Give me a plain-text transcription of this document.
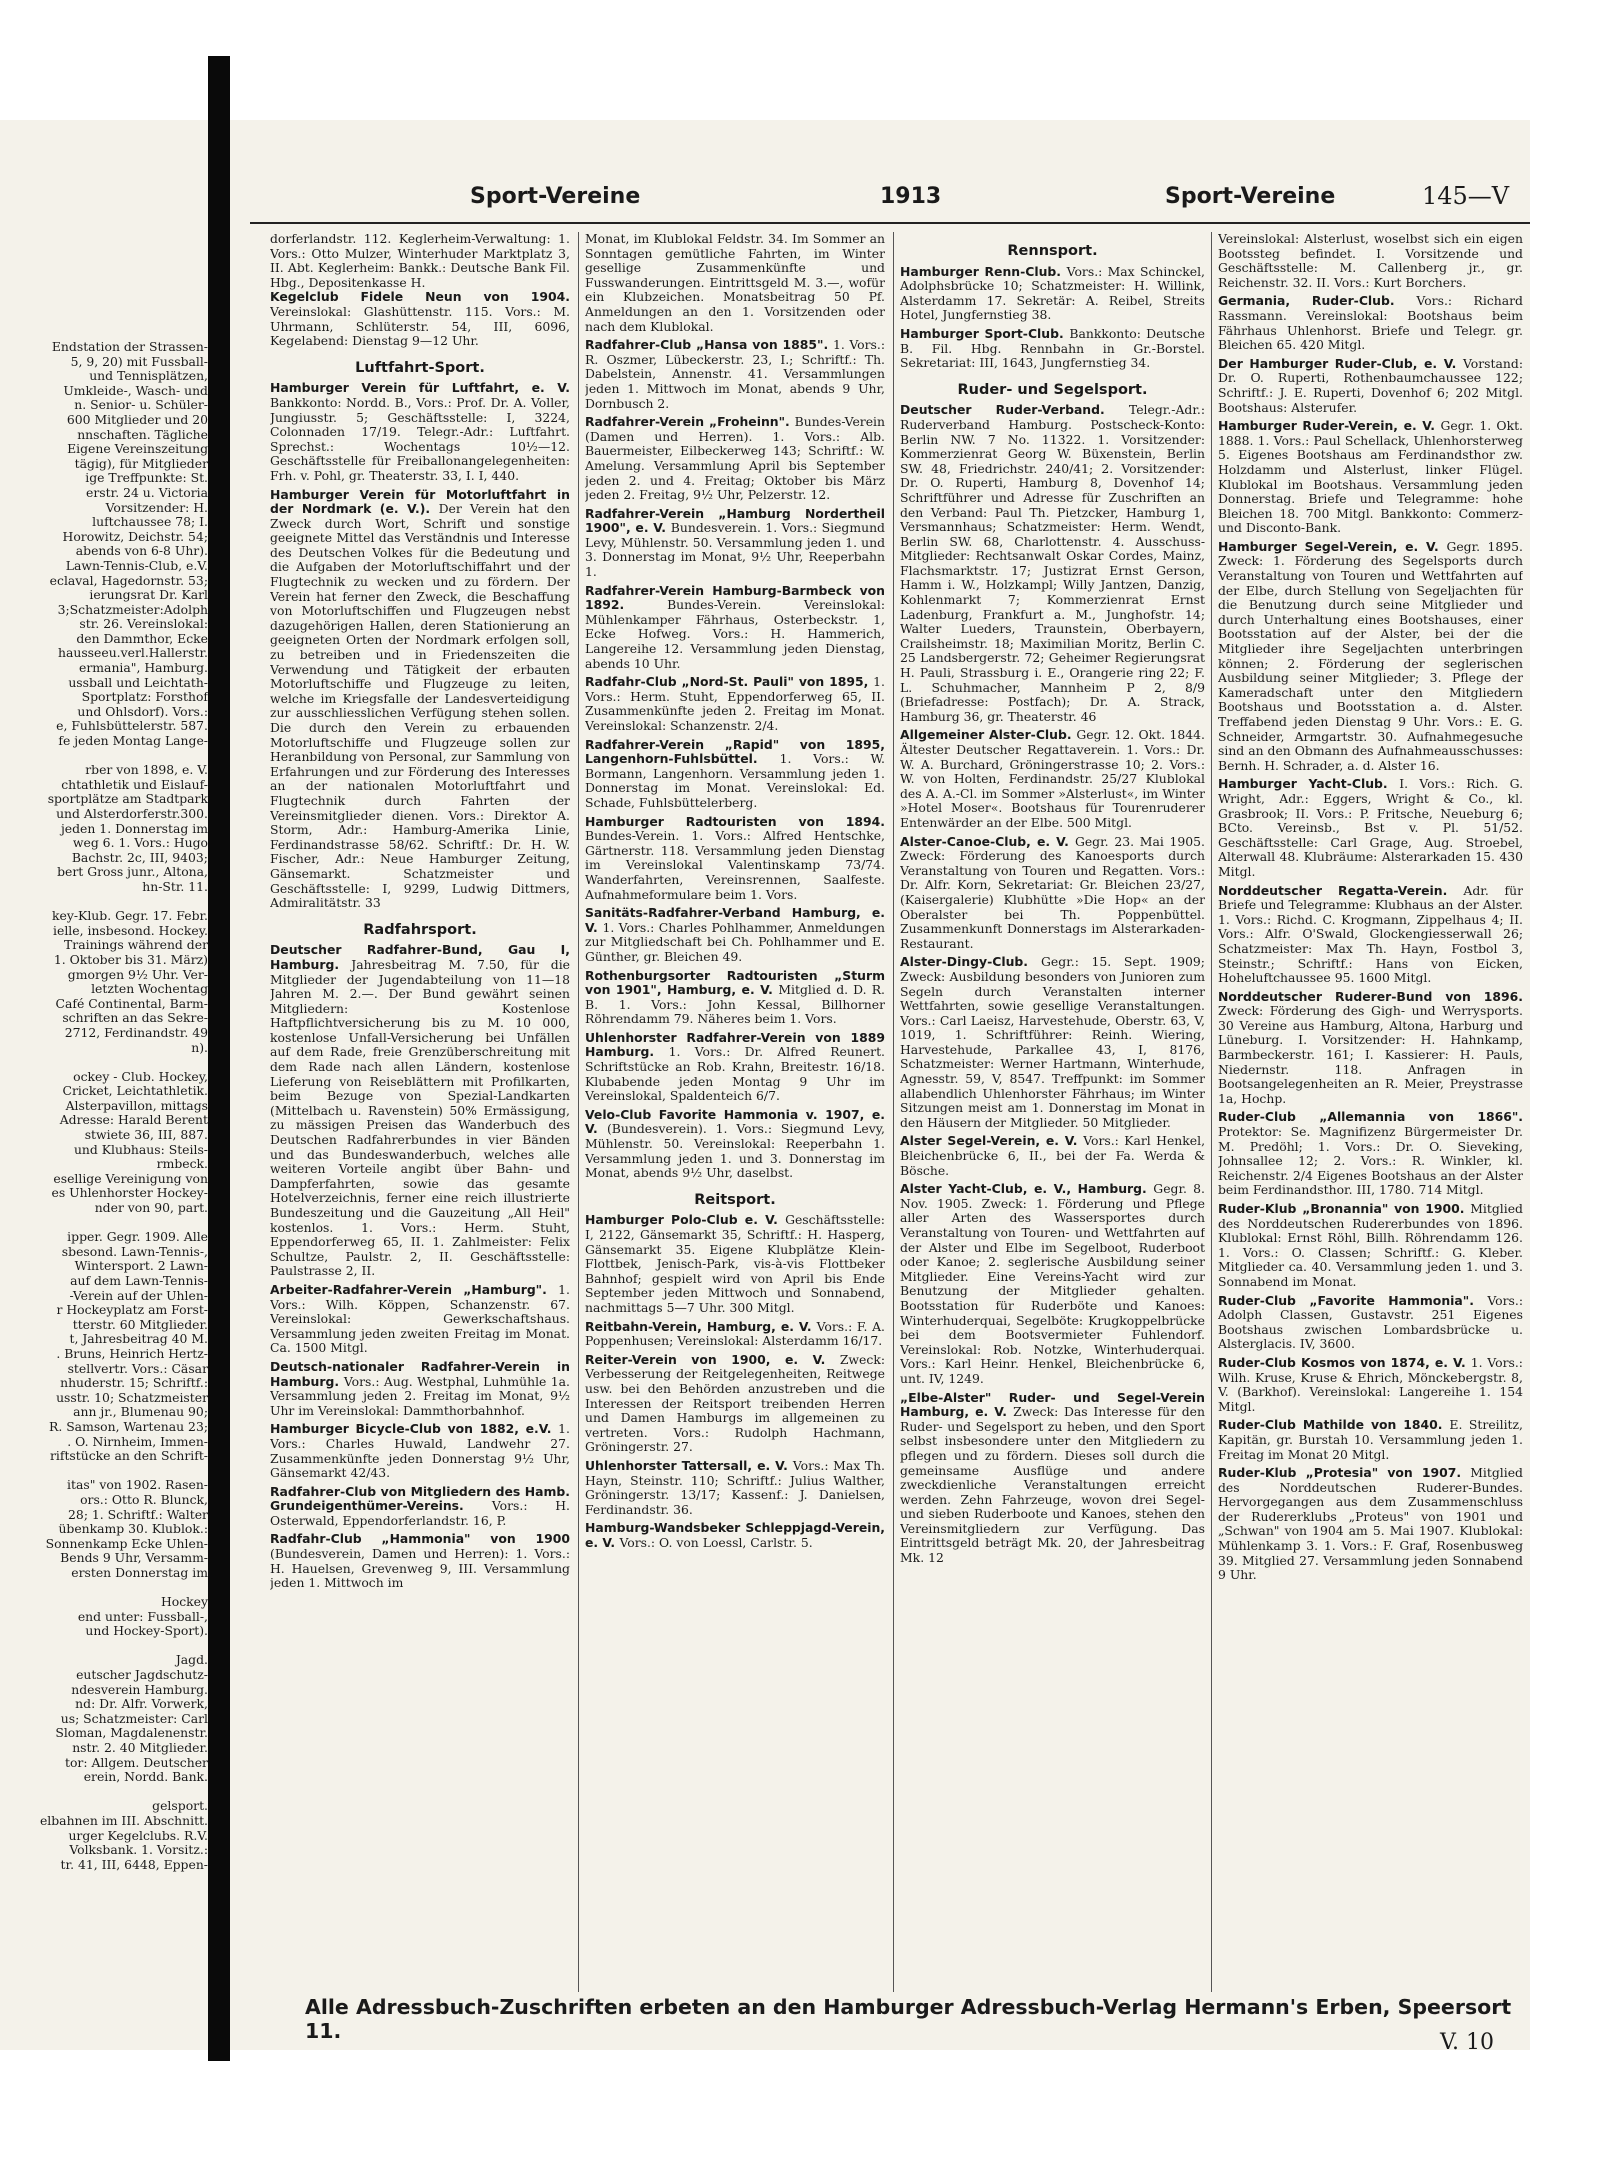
Endstation der Strassen-

5, 9, 20) mit Fussball-

und Tennisplätzen,

Umkleide-, Wasch- und

n. Senior- u. Schüler-

600 Mitglieder und 20

nnschaften. Tägliche

Eigene Vereinszeitung

tägig), für Mitglieder

ige Treffpunkte: St.

erstr. 24 u. Victoria

Vorsitzender: H.

luftchaussee 78; I.

Horowitz, Deichstr. 54;

abends von 6-8 Uhr).

Lawn-Tennis-Club, e.V.

eclaval, Hagedornstr. 53;

ierungsrat Dr. Karl

3;Schatzmeister:Adolph

str. 26. Vereinslokal:

den Dammthor, Ecke

hausseeu.verl.Hallerstr.

ermania", Hamburg.

ussball und Leichtath-

Sportplatz: Forsthof

und Ohlsdorf). Vors.:

e, Fuhlsbüttelerstr. 587.

fe jeden Montag Lange-

rber von 1898, e. V.

chtathletik und Eislauf-

sportplätze am Stadtpark

und Alsterdorferstr.300.

jeden 1. Donnerstag im

weg 6. 1. Vors.: Hugo

Bachstr. 2c, III, 9403;

bert Gross junr., Altona,

hn-Str. 11.

key-Klub. Gegr. 17. Febr.

ielle, insbesond. Hockey.

Trainings während der

1. Oktober bis 31. März)

gmorgen 9½ Uhr. Ver-

letzten Wochentag

Café Continental, Barm-

schriften an das Sekre-

2712, Ferdinandstr. 49

n).

ockey - Club. Hockey,

Cricket, Leichtathletik.

Alsterpavillon, mittags

Adresse: Harald Berent

stwiete 36, III, 887.

und Klubhaus: Steils-

rmbeck.

esellige Vereinigung von

es Uhlenhorster Hockey-

nder von 90, part.

ipper. Gegr. 1909. Alle

sbesond. Lawn-Tennis-,

Wintersport. 2 Lawn-

auf dem Lawn-Tennis-

-Verein auf der Uhlen-

r Hockeyplatz am Forst-

tterstr. 60 Mitglieder.

t, Jahresbeitrag 40 M.

. Bruns, Heinrich Hertz-

stellvertr. Vors.: Cäsar

nhuderstr. 15; Schriftf.:

usstr. 10; Schatzmeister

ann jr., Blumenau 90;

R. Samson, Wartenau 23;

. O. Nirnheim, Immen-

riftstücke an den Schrift-

itas" von 1902. Rasen-

ors.: Otto R. Blunck,

28; 1. Schriftf.: Walter

übenkamp 30. Klublok.:

Sonnenkamp Ecke Uhlen-

Bends 9 Uhr, Versamm-

ersten Donnerstag im

Hockey

end unter: Fussball-,

und Hockey-Sport).

Jagd.

eutscher Jagdschutz-

ndesverein Hamburg.

nd: Dr. Alfr. Vorwerk,

us; Schatzmeister: Carl

Sloman, Magdalenenstr.

nstr. 2. 40 Mitglieder.

tor: Allgem. Deutscher

erein, Nordd. Bank.

gelsport.

elbahnen im III. Abschnitt.

urger Kegelclubs. R.V.

Volksbank. 1. Vorsitz.:

tr. 41, III, 6448, Eppen-

Sport-Vereine	1913	Sport-Vereine	145—V

dorferlandstr. 112. Keglerheim-Verwaltung: 1. Vors.: Otto Mulzer, Winterhuder Marktplatz 3, II. Abt. Keglerheim: Bankk.: Deutsche Bank Fil. Hbg., Depositenkasse H.

Kegelclub Fidele Neun von 1904. Vereinslokal: Glashüttenstr. 115. Vors.: M. Uhrmann, Schlüterstr. 54, III, 6096, Kegelabend: Dienstag 9—12 Uhr.

Luftfahrt-Sport.

Hamburger Verein für Luftfahrt, e. V. Bankkonto: Nordd. B., Vors.: Prof. Dr. A. Voller, Jungiusstr. 5; Geschäftsstelle: I, 3224, Colonnaden 17/19. Telegr.-Adr.: Luftfahrt. Sprechst.: Wochentags 10½—12. Geschäftsstelle für Freiballonangelegenheiten: Frh. v. Pohl, gr. Theaterstr. 33, I. I, 440.

Hamburger Verein für Motorluftfahrt in der Nordmark (e. V.). Der Verein hat den Zweck durch Wort, Schrift und sonstige geeignete Mittel das Verständnis und Interesse des Deutschen Volkes für die Bedeutung und die Aufgaben der Motorluftschiffahrt und der Flugtechnik zu wecken und zu fördern. Der Verein hat ferner den Zweck, die Beschaffung von Motorluftschiffen und Flugzeugen nebst dazugehörigen Hallen, deren Stationierung an geeigneten Orten der Nordmark erfolgen soll, zu betreiben und in Friedenszeiten die Verwendung und Tätigkeit der erbauten Motorluftschiffe und Flugzeuge zu leiten, welche im Kriegsfalle der Landesverteidigung zur ausschliesslichen Verfügung stehen sollen. Die durch den Verein zu erbauenden Motorluftschiffe und Flugzeuge sollen zur Heranbildung von Personal, zur Sammlung von Erfahrungen und zur Förderung des Interesses an der nationalen Motorluftfahrt und Flugtechnik durch Fahrten der Vereinsmitglieder dienen. Vors.: Direktor A. Storm, Adr.: Hamburg-Amerika Linie, Ferdinandstrasse 58/62. Schriftf.: Dr. H. W. Fischer, Adr.: Neue Hamburger Zeitung, Gänsemarkt. Schatzmeister und Geschäftsstelle: I, 9299, Ludwig Dittmers, Admiralitätstr. 33

Radfahrsport.

Deutscher Radfahrer-Bund, Gau I, Hamburg. Jahresbeitrag M. 7.50, für die Mitglieder der Jugendabteilung von 11—18 Jahren M. 2.—. Der Bund gewährt seinen Mitgliedern: Kostenlose Haftpflichtversicherung bis zu M. 10 000, kostenlose Unfall-Versicherung bei Unfällen auf dem Rade, freie Grenzüberschreitung mit dem Rade nach allen Ländern, kostenlose Lieferung von Reiseblättern mit Profilkarten, beim Bezuge von Spezial-Landkarten (Mittelbach u. Ravenstein) 50% Ermässigung, zu mässigen Preisen das Wanderbuch des Deutschen Radfahrerbundes in vier Bänden und das Bundeswanderbuch, welches alle weiteren Vorteile angibt über Bahn- und Dampferfahrten, sowie das gesamte Hotelverzeichnis, ferner eine reich illustrierte Bundeszeitung und die Gauzeitung „All Heil" kostenlos. 1. Vors.: Herm. Stuht, Eppendorferweg 65, II. 1. Zahlmeister: Felix Schultze, Paulstr. 2, II. Geschäftsstelle: Paulstrasse 2, II.

Arbeiter-Radfahrer-Verein „Hamburg". 1. Vors.: Wilh. Köppen, Schanzenstr. 67. Vereinslokal: Gewerkschaftshaus. Versammlung jeden zweiten Freitag im Monat. Ca. 1500 Mitgl.

Deutsch-nationaler Radfahrer-Verein in Hamburg. Vors.: Aug. Westphal, Luhmühle 1a. Versammlung jeden 2. Freitag im Monat, 9½ Uhr im Vereinslokal: Dammthorbahnhof.

Hamburger Bicycle-Club von 1882, e.V. 1. Vors.: Charles Huwald, Landwehr 27. Zusammenkünfte jeden Donnerstag 9½ Uhr, Gänsemarkt 42/43.

Radfahrer-Club von Mitgliedern des Hamb. Grundeigenthümer-Vereins. Vors.: H. Osterwald, Eppendorferlandstr. 16, P.

Radfahr-Club „Hammonia" von 1900 (Bundesverein, Damen und Herren): 1. Vors.: H. Hauelsen, Grevenweg 9, III. Versammlung jeden 1. Mittwoch im

Monat, im Klublokal Feldstr. 34. Im Sommer an Sonntagen gemütliche Fahrten, im Winter gesellige Zusammenkünfte und Fusswanderungen. Eintrittsgeld M. 3.—, wofür ein Klubzeichen. Monatsbeitrag 50 Pf. Anmeldungen an den 1. Vorsitzenden oder nach dem Klublokal.

Radfahrer-Club „Hansa von 1885". 1. Vors.: R. Oszmer, Lübeckerstr. 23, I.; Schriftf.: Th. Dabelstein, Annenstr. 41. Versammlungen jeden 1. Mittwoch im Monat, abends 9 Uhr, Dornbusch 2.

Radfahrer-Verein „Froheinn". Bundes-Verein (Damen und Herren). 1. Vors.: Alb. Bauermeister, Eilbeckerweg 143; Schriftf.: W. Amelung. Versammlung April bis September jeden 2. und 4. Freitag; Oktober bis März jeden 2. Freitag, 9½ Uhr, Pelzerstr. 12.

Radfahrer-Verein „Hamburg Nordertheil 1900", e. V. Bundesverein. 1. Vors.: Siegmund Levy, Mühlenstr. 50. Versammlung jeden 1. und 3. Donnerstag im Monat, 9½ Uhr, Reeperbahn 1.

Radfahrer-Verein Hamburg-Barmbeck von 1892. Bundes-Verein. Vereinslokal: Mühlenkamper Fährhaus, Osterbeckstr. 1, Ecke Hofweg. Vors.: H. Hammerich, Langereihe 12. Versammlung jeden Dienstag, abends 10 Uhr.

Radfahr-Club „Nord-St. Pauli" von 1895, 1. Vors.: Herm. Stuht, Eppendorferweg 65, II. Zusammenkünfte jeden 2. Freitag im Monat. Vereinslokal: Schanzenstr. 2/4.

Radfahrer-Verein „Rapid" von 1895, Langenhorn-Fuhlsbüttel. 1. Vors.: W. Bormann, Langenhorn. Versammlung jeden 1. Donnerstag im Monat. Vereinslokal: Ed. Schade, Fuhlsbüttelerberg.

Hamburger Radtouristen von 1894. Bundes-Verein. 1. Vors.: Alfred Hentschke, Gärtnerstr. 118. Versammlung jeden Dienstag im Vereinslokal Valentinskamp 73/74. Wanderfahrten, Vereinsrennen, Saalfeste. Aufnahmeformulare beim 1. Vors.

Sanitäts-Radfahrer-Verband Hamburg, e. V. 1. Vors.: Charles Pohlhammer, Anmeldungen zur Mitgliedschaft bei Ch. Pohlhammer und E. Günther, gr. Bleichen 49.

Rothenburgsorter Radtouristen „Sturm von 1901", Hamburg, e. V. Mitglied d. D. R. B. 1. Vors.: John Kessal, Billhorner Röhrendamm 79. Näheres beim 1. Vors.

Uhlenhorster Radfahrer-Verein von 1889 Hamburg. 1. Vors.: Dr. Alfred Reunert. Schriftstücke an Rob. Krahn, Breitestr. 16/18. Klubabende jeden Montag 9 Uhr im Vereinslokal, Spaldenteich 6/7.

Velo-Club Favorite Hammonia v. 1907, e. V. (Bundesverein). 1. Vors.: Siegmund Levy, Mühlenstr. 50. Vereinslokal: Reeperbahn 1. Versammlung jeden 1. und 3. Donnerstag im Monat, abends 9½ Uhr, daselbst.

Reitsport.

Hamburger Polo-Club e. V. Geschäftsstelle: I, 2122, Gänsemarkt 35, Schriftf.: H. Hasperg, Gänsemarkt 35. Eigene Klubplätze Klein-Flottbek, Jenisch-Park, vis-à-vis Flottbeker Bahnhof; gespielt wird von April bis Ende September jeden Mittwoch und Sonnabend, nachmittags 5—7 Uhr. 300 Mitgl.

Reitbahn-Verein, Hamburg, e. V. Vors.: F. A. Poppenhusen; Vereinslokal: Alsterdamm 16/17.

Reiter-Verein von 1900, e. V. Zweck: Verbesserung der Reitgelegenheiten, Reitwege usw. bei den Behörden anzustreben und die Interessen der Reitsport treibenden Herren und Damen Hamburgs im allgemeinen zu vertreten. Vors.: Rudolph Hachmann, Gröningerstr. 27.

Uhlenhorster Tattersall, e. V. Vors.: Max Th. Hayn, Steinstr. 110; Schriftf.: Julius Walther, Gröningerstr. 13/17; Kassenf.: J. Danielsen, Ferdinandstr. 36.

Hamburg-Wandsbeker Schleppjagd-Verein, e. V. Vors.: O. von Loessl, Carlstr. 5.

Rennsport.

Hamburger Renn-Club. Vors.: Max Schinckel, Adolphsbrücke 10; Schatzmeister: H. Willink, Alsterdamm 17. Sekretär: A. Reibel, Streits Hotel, Jungfernstieg 38.

Hamburger Sport-Club. Bankkonto: Deutsche B. Fil. Hbg. Rennbahn in Gr.-Borstel. Sekretariat: III, 1643, Jungfernstieg 34.

Ruder- und Segelsport.

Deutscher Ruder-Verband. Telegr.-Adr.: Ruderverband Hamburg. Postscheck-Konto: Berlin NW. 7 No. 11322. 1. Vorsitzender: Kommerzienrat Georg W. Büxenstein, Berlin SW. 48, Friedrichstr. 240/41; 2. Vorsitzender: Dr. O. Ruperti, Hamburg 8, Dovenhof 14; Schriftführer und Adresse für Zuschriften an den Verband: Paul Th. Pietzcker, Hamburg 1, Versmannhaus; Schatzmeister: Herm. Wendt, Berlin SW. 68, Charlottenstr. 4. Ausschuss-Mitglieder: Rechtsanwalt Oskar Cordes, Mainz, Flachsmarktstr. 17; Justizrat Ernst Gerson, Hamm i. W., Holzkampl; Willy Jantzen, Danzig, Kohlenmarkt 7; Kommerzienrat Ernst Ladenburg, Frankfurt a. M., Junghofstr. 14; Walter Lueders, Traunstein, Oberbayern, Crailsheimstr. 18; Maximilian Moritz, Berlin C. 25 Landsbergerstr. 72; Geheimer Regierungsrat H. Pauli, Strassburg i. E., Orangerie ring 22; F. L. Schuhmacher, Mannheim P 2, 8/9 (Briefadresse: Postfach); Dr. A. Strack, Hamburg 36, gr. Theaterstr. 46

Allgemeiner Alster-Club. Gegr. 12. Okt. 1844. Ältester Deutscher Regattaverein. 1. Vors.: Dr. W. A. Burchard, Gröningerstrasse 10; 2. Vors.: W. von Holten, Ferdinandstr. 25/27 Klublokal des A. A.-Cl. im Sommer »Alsterlust«, im Winter »Hotel Moser«. Bootshaus für Tourenruderer Entenwärder an der Elbe. 500 Mitgl.

Alster-Canoe-Club, e. V. Gegr. 23. Mai 1905. Zweck: Förderung des Kanoesports durch Veranstaltung von Touren und Regatten. Vors.: Dr. Alfr. Korn, Sekretariat: Gr. Bleichen 23/27, (Kaisergalerie) Klubhütte »Die Hop« an der Oberalster bei Th. Poppenbüttel. Zusammenkunft Donnerstags im Alsterarkaden-Restaurant.

Alster-Dingy-Club. Gegr.: 15. Sept. 1909; Zweck: Ausbildung besonders von Junioren zum Segeln durch Veranstalten interner Wettfahrten, sowie gesellige Veranstaltungen. Vors.: Carl Laeisz, Harvestehude, Oberstr. 63, V, 1019, 1. Schriftführer: Reinh. Wiering, Harvestehude, Parkallee 43, I, 8176, Schatzmeister: Werner Hartmann, Winterhude, Agnesstr. 59, V, 8547. Treffpunkt: im Sommer allabendlich Uhlenhorster Fährhaus; im Winter Sitzungen meist am 1. Donnerstag im Monat in den Häusern der Mitglieder. 50 Mitglieder.

Alster Segel-Verein, e. V. Vors.: Karl Henkel, Bleichenbrücke 6, II., bei der Fa. Werda & Bösche.

Alster Yacht-Club, e. V., Hamburg. Gegr. 8. Nov. 1905. Zweck: 1. Förderung und Pflege aller Arten des Wassersportes durch Veranstaltung von Touren- und Wettfahrten auf der Alster und Elbe im Segelboot, Ruderboot oder Kanoe; 2. seglerische Ausbildung seiner Mitglieder. Eine Vereins-Yacht wird zur Benutzung der Mitglieder gehalten. Bootsstation für Ruderböte und Kanoes: Winterhuderquai, Segelböte: Krugkoppelbrücke bei dem Bootsvermieter Fuhlendorf. Vereinslokal: Rob. Notzke, Winterhuderquai. Vors.: Karl Heinr. Henkel, Bleichenbrücke 6, unt. IV, 1249.

„Elbe-Alster" Ruder- und Segel-Verein Hamburg, e. V. Zweck: Das Interesse für den Ruder- und Segelsport zu heben, und den Sport selbst insbesondere unter den Mitgliedern zu pflegen und zu fördern. Dieses soll durch die gemeinsame Ausflüge und andere zweckdienliche Veranstaltungen erreicht werden. Zehn Fahrzeuge, wovon drei Segel- und sieben Ruderboote und Kanoes, stehen den Vereinsmitgliedern zur Verfügung. Das Eintrittsgeld beträgt Mk. 20, der Jahresbeitrag Mk. 12

Vereinslokal: Alsterlust, woselbst sich ein eigen Bootssteg befindet. I. Vorsitzende und Geschäftsstelle: M. Callenberg jr., gr. Reichenstr. 32. II. Vors.: Kurt Borchers.

Germania, Ruder-Club. Vors.: Richard Rassmann. Vereinslokal: Bootshaus beim Fährhaus Uhlenhorst. Briefe und Telegr. gr. Bleichen 65. 420 Mitgl.

Der Hamburger Ruder-Club, e. V. Vorstand: Dr. O. Ruperti, Rothenbaumchaussee 122; Schriftf.: J. E. Ruperti, Dovenhof 6; 202 Mitgl. Bootshaus: Alsterufer.

Hamburger Ruder-Verein, e. V. Gegr. 1. Okt. 1888. 1. Vors.: Paul Schellack, Uhlenhorsterweg 5. Eigenes Bootshaus am Ferdinandsthor zw. Holzdamm und Alsterlust, linker Flügel. Klublokal im Bootshaus. Versammlung jeden Donnerstag. Briefe und Telegramme: hohe Bleichen 18. 700 Mitgl. Bankkonto: Commerz- und Disconto-Bank.

Hamburger Segel-Verein, e. V. Gegr. 1895. Zweck: 1. Förderung des Segelsports durch Veranstaltung von Touren und Wettfahrten auf der Elbe, durch Stellung von Segeljachten für die Benutzung durch seine Mitglieder und durch Unterhaltung eines Bootshauses, einer Bootsstation auf der Alster, bei der die Mitglieder ihre Segeljachten unterbringen können; 2. Förderung der seglerischen Ausbildung seiner Mitglieder; 3. Pflege der Kameradschaft unter den Mitgliedern Bootshaus und Bootsstation a. d. Alster. Treffabend jeden Dienstag 9 Uhr. Vors.: E. G. Schneider, Armgartstr. 30. Aufnahmegesuche sind an den Obmann des Aufnahmeausschusses: Bernh. H. Schrader, a. d. Alster 16.

Hamburger Yacht-Club. I. Vors.: Rich. G. Wright, Adr.: Eggers, Wright & Co., kl. Grasbrook; II. Vors.: P. Fritsche, Neueburg 6; BCto. Vereinsb., Bst v. Pl. 51/52. Geschäftsstelle: Carl Grage, Aug. Stroebel, Alterwall 48. Klubräume: Alsterarkaden 15. 430 Mitgl.

Norddeutscher Regatta-Verein. Adr. für Briefe und Telegramme: Klubhaus an der Alster. 1. Vors.: Richd. C. Krogmann, Zippelhaus 4; II. Vors.: Alfr. O'Swald, Glockengiesserwall 26; Schatzmeister: Max Th. Hayn, Fostbol 3, Steinstr.; Schriftf.: Hans von Eicken, Hoheluftchaussee 95. 1600 Mitgl.

Norddeutscher Ruderer-Bund von 1896. Zweck: Förderung des Gigh- und Werrysports. 30 Vereine aus Hamburg, Altona, Harburg und Lüneburg. I. Vorsitzender: H. Hahnkamp, Barmbeckerstr. 161; I. Kassierer: H. Pauls, Niedernstr. 118. Anfragen in Bootsangelegenheiten an R. Meier, Preystrasse 1a, Hochp.

Ruder-Club „Allemannia von 1866". Protektor: Se. Magnifizenz Bürgermeister Dr. M. Predöhl; 1. Vors.: Dr. O. Sieveking, Johnsallee 12; 2. Vors.: R. Winkler, kl. Reichenstr. 2/4 Eigenes Bootshaus an der Alster beim Ferdinandsthor. III, 1780. 714 Mitgl.

Ruder-Klub „Bronannia" von 1900. Mitglied des Norddeutschen Rudererbundes von 1896. Klublokal: Ernst Röhl, Billh. Röhrendamm 126. 1. Vors.: O. Classen; Schriftf.: G. Kleber. Mitglieder ca. 40. Versammlung jeden 1. und 3. Sonnabend im Monat.

Ruder-Club „Favorite Hammonia". Vors.: Adolph Classen, Gustavstr. 251 Eigenes Bootshaus zwischen Lombardsbrücke u. Alsterglacis. IV, 3600.

Ruder-Club Kosmos von 1874, e. V. 1. Vors.: Wilh. Kruse, Kruse & Ehrich, Mönckebergstr. 8, V. (Barkhof). Vereinslokal: Langereihe 1. 154 Mitgl.

Ruder-Club Mathilde von 1840. E. Streilitz, Kapitän, gr. Burstah 10. Versammlung jeden 1. Freitag im Monat 20 Mitgl.

Ruder-Klub „Protesia" von 1907. Mitglied des Norddeutschen Ruderer-Bundes. Hervorgegangen aus dem Zusammenschluss der Rudererklubs „Proteus" von 1901 und „Schwan" von 1904 am 5. Mai 1907. Klublokal: Mühlenkamp 3. 1. Vors.: F. Graf, Rosenbusweg 39. Mitglied 27. Versammlung jeden Sonnabend 9 Uhr.

Alle Adressbuch-Zuschriften erbeten an den Hamburger Adressbuch-Verlag Hermann's Erben, Speersort 11.	V. 10
